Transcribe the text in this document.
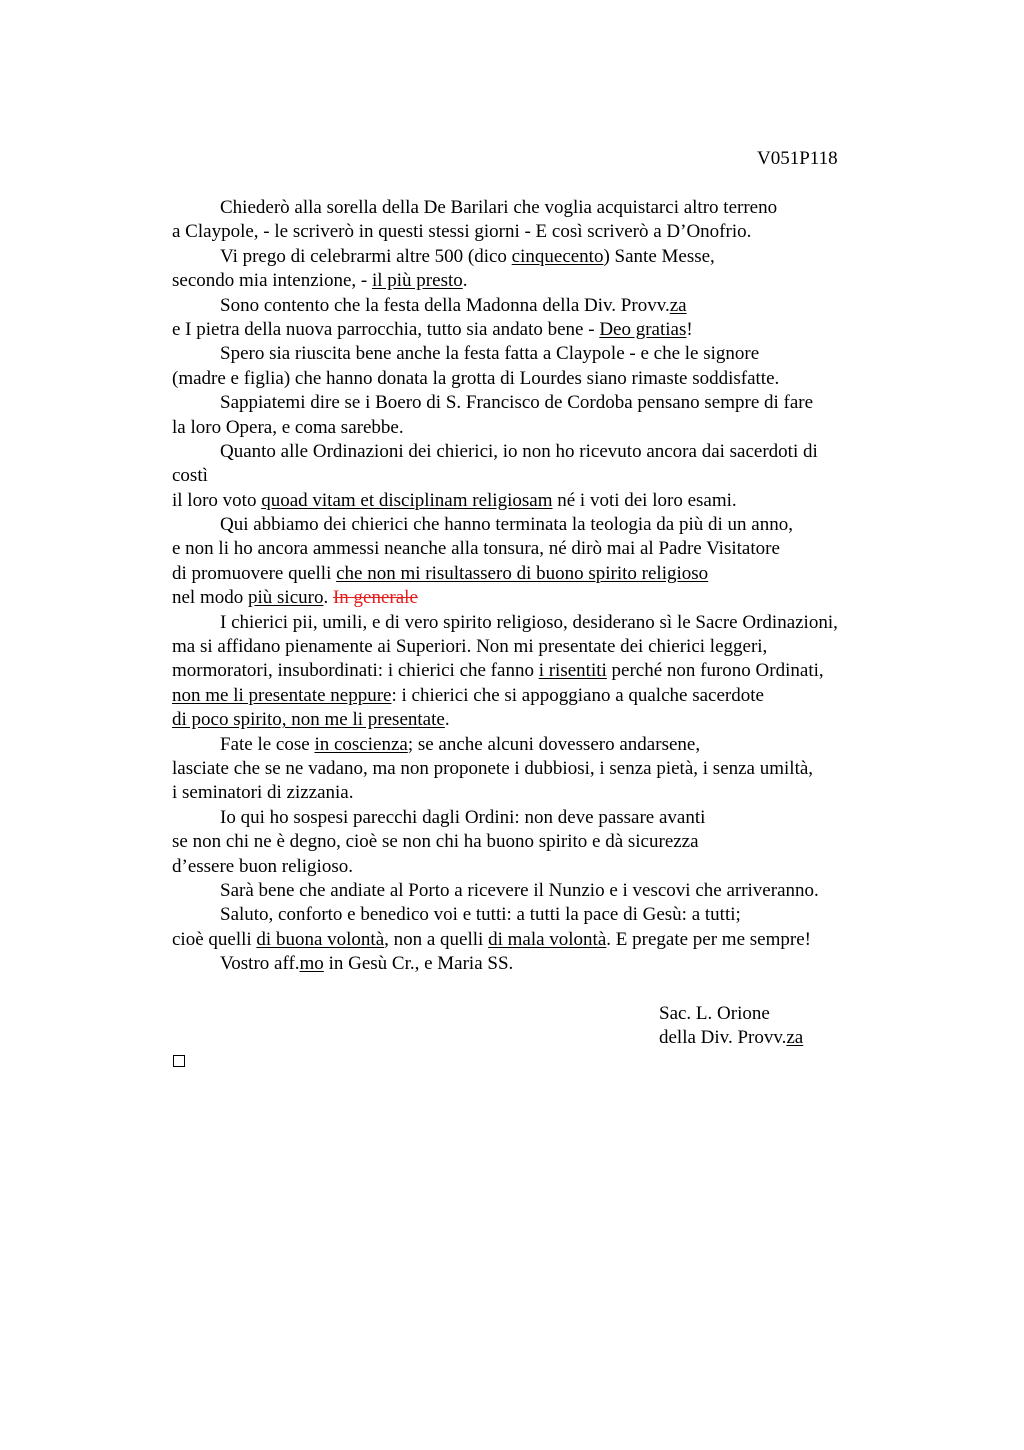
V051P118
Chiederò alla sorella della De Barilari che voglia acquistarci altro terreno
a Claypole, - le scriverò in questi stessi giorni - E così scriverò a D’Onofrio.
Vi prego di celebrarmi altre 500 (dico cinquecento) Sante Messe,
secondo mia intenzione, - il più presto.
Sono contento che la festa della Madonna della Div. Provv.za
e I pietra della nuova parrocchia, tutto sia andato bene - Deo gratias!
Spero sia riuscita bene anche la festa fatta a Claypole - e che le signore
(madre e figlia) che hanno donata la grotta di Lourdes siano rimaste soddisfatte.
Sappiatemi dire se i Boero di S. Francisco de Cordoba pensano sempre di fare
la loro Opera, e coma sarebbe.
Quanto alle Ordinazioni dei chierici, io non ho ricevuto ancora dai sacerdoti di
costì
il loro voto quoad vitam et disciplinam religiosam né i voti dei loro esami.
Qui abbiamo dei chierici che hanno terminata la teologia da più di un anno,
e non li ho ancora ammessi neanche alla tonsura, né dirò mai al Padre Visitatore
di promuovere quelli che non mi risultassero di buono spirito religioso
nel modo più sicuro. In generale
I chierici pii, umili, e di vero spirito religioso, desiderano sì le Sacre Ordinazioni,
ma si affidano pienamente ai Superiori. Non mi presentate dei chierici leggeri,
mormoratori, insubordinati: i chierici che fanno i risentiti perché non furono Ordinati,
non me li presentate neppure: i chierici che si appoggiano a qualche sacerdote
di poco spirito, non me li presentate.
Fate le cose in coscienza; se anche alcuni dovessero andarsene,
lasciate che se ne vadano, ma non proponete i dubbiosi, i senza pietà, i senza umiltà,
i seminatori di zizzania.
Io qui ho sospesi parecchi dagli Ordini: non deve passare avanti
se non chi ne è degno, cioè se non chi ha buono spirito e dà sicurezza
d’essere buon religioso.
Sarà bene che andiate al Porto a ricevere il Nunzio e i vescovi che arriveranno.
Saluto, conforto e benedico voi e tutti: a tutti la pace di Gesù: a tutti;
cioè quelli di buona volontà, non a quelli di mala volontà. E pregate per me sempre!
Vostro aff.mo in Gesù Cr., e Maria SS.
Sac. L. Orione
della Div. Provv.za
